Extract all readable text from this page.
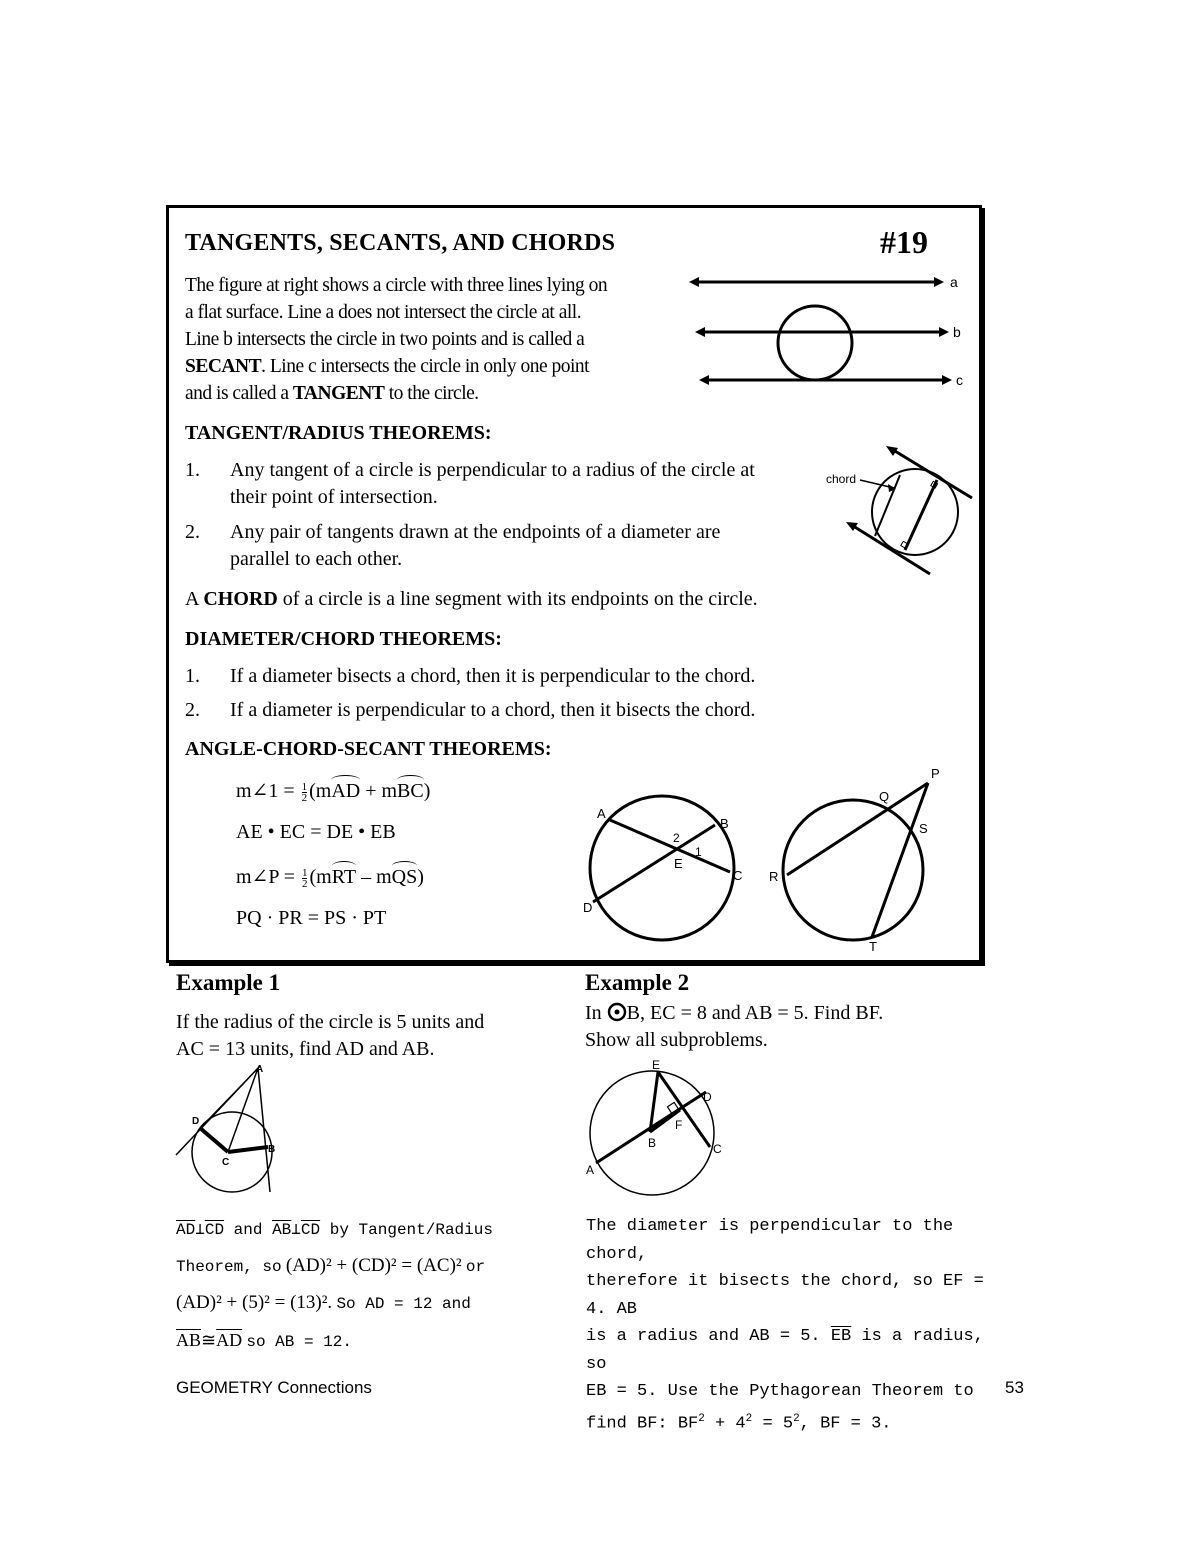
TANGENTS, SECANTS, AND CHORDS	#19
The figure at right shows a circle with three lines lying on
a flat surface. Line a does not intersect the circle at all.
Line b intersects the circle in two points and is called a
SECANT. Line c intersects the circle in only one point
and is called a TANGENT to the circle.
a
b
c
TANGENT/RADIUS THEOREMS:
1. Any tangent of a circle is perpendicular to a radius of the circle at their point of intersection.
2. Any pair of tangents drawn at the endpoints of a diameter are parallel to each other.
chord
A CHORD of a circle is a line segment with its endpoints on the circle.
DIAMETER/CHORD THEOREMS:
1. If a diameter bisects a chord, then it is perpendicular to the chord.
2. If a diameter is perpendicular to a chord, then it bisects the chord.
ANGLE-CHORD-SECANT THEOREMS:
m∠1 = $\frac{1}{2} (mAD + mBC)$
AE • EC = DE • EB
m∠P = $\frac{1}{2} (mRT - mQS)$
PQ · PR = PS · PT
A
B
C
D
E
1
2
P
Q
R
S
T
Example 1
If the radius of the circle is 5 units and
AC = 13 units, find AD and AB.
A
B
C
D
$\overline{AD}\perp\overline{CD}$ and $\overline{AB}\perp\overline{CD}$ by Tangent/Radius
Theorem, so (AD)² + (CD)² = (AC)² or
(AD)² + (5)² = (13)². So AD = 12 and
$\overline{AB}≅\overline{AD}$ so AB = 12.
Example 2
In B, EC = 8 and AB = 5. Find BF.
Show all subproblems.
E
D
F
B	C
A
The diameter is perpendicular to the chord,
therefore it bisects the chord, so EF = 4. AB
is a radius and AB = 5. $\overline{EB}$ is a radius, so
EB = 5. Use the Pythagorean Theorem to
find BF: $BF^2 + 4^2 = 5^2$, BF = 3.
GEOMETRY Connections	53
